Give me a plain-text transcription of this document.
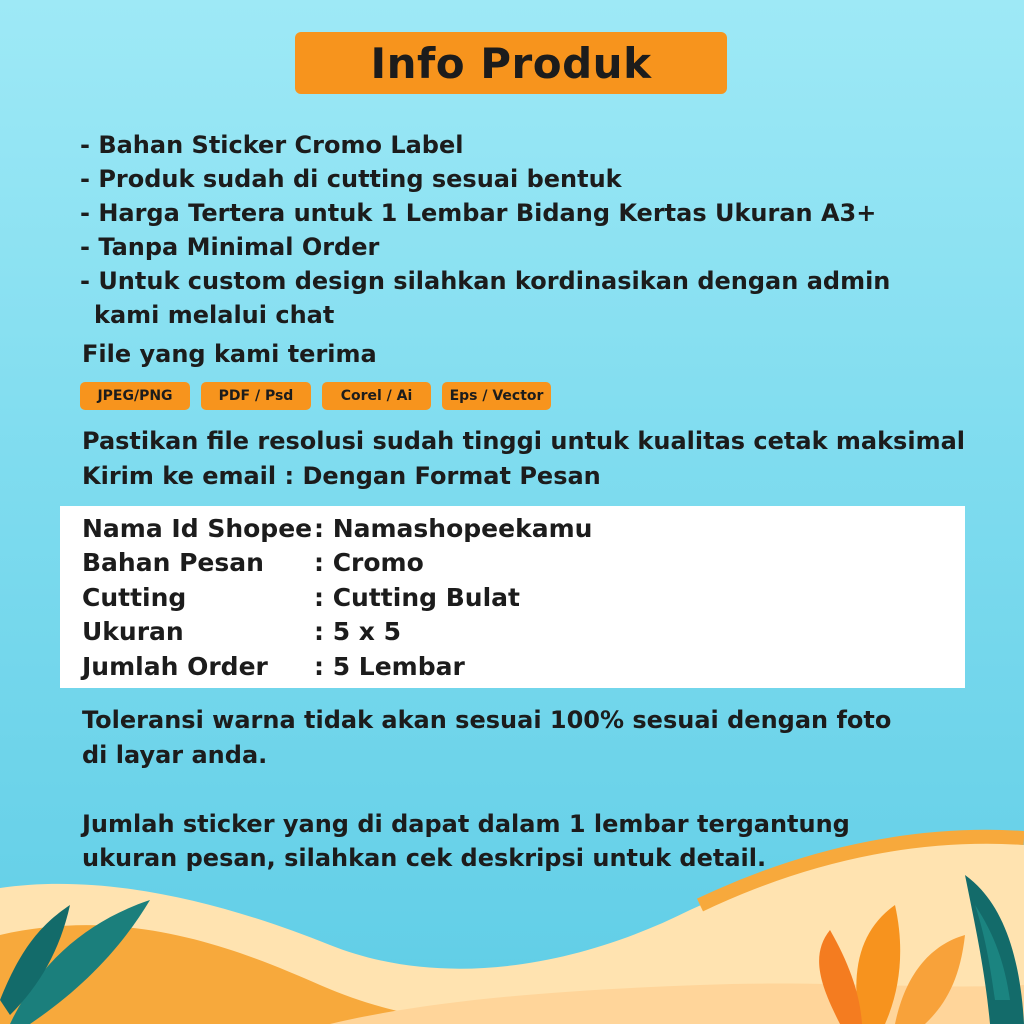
Info Produk
- Bahan Sticker Cromo Label
- Produk sudah di cutting sesuai bentuk
- Harga Tertera untuk 1 Lembar Bidang Kertas Ukuran A3+
- Tanpa Minimal Order
- Untuk custom design silahkan kordinasikan dengan admin
kami melalui chat
File yang kami terima
JPEG/PNG	PDF / Psd	Corel / Ai	Eps / Vector
Pastikan file resolusi sudah tinggi untuk kualitas cetak maksimal
Kirim ke email : Dengan Format Pesan
Nama Id Shopee: Namashopeekamu
Bahan Pesan : Cromo
Cutting	: Cutting Bulat
Ukuran	: 5 x 5
Jumlah Order : 5 Lembar
Toleransi warna tidak akan sesuai 100% sesuai dengan foto
di layar anda.
Jumlah sticker yang di dapat dalam 1 lembar tergantung
ukuran pesan, silahkan cek deskripsi untuk detail.
